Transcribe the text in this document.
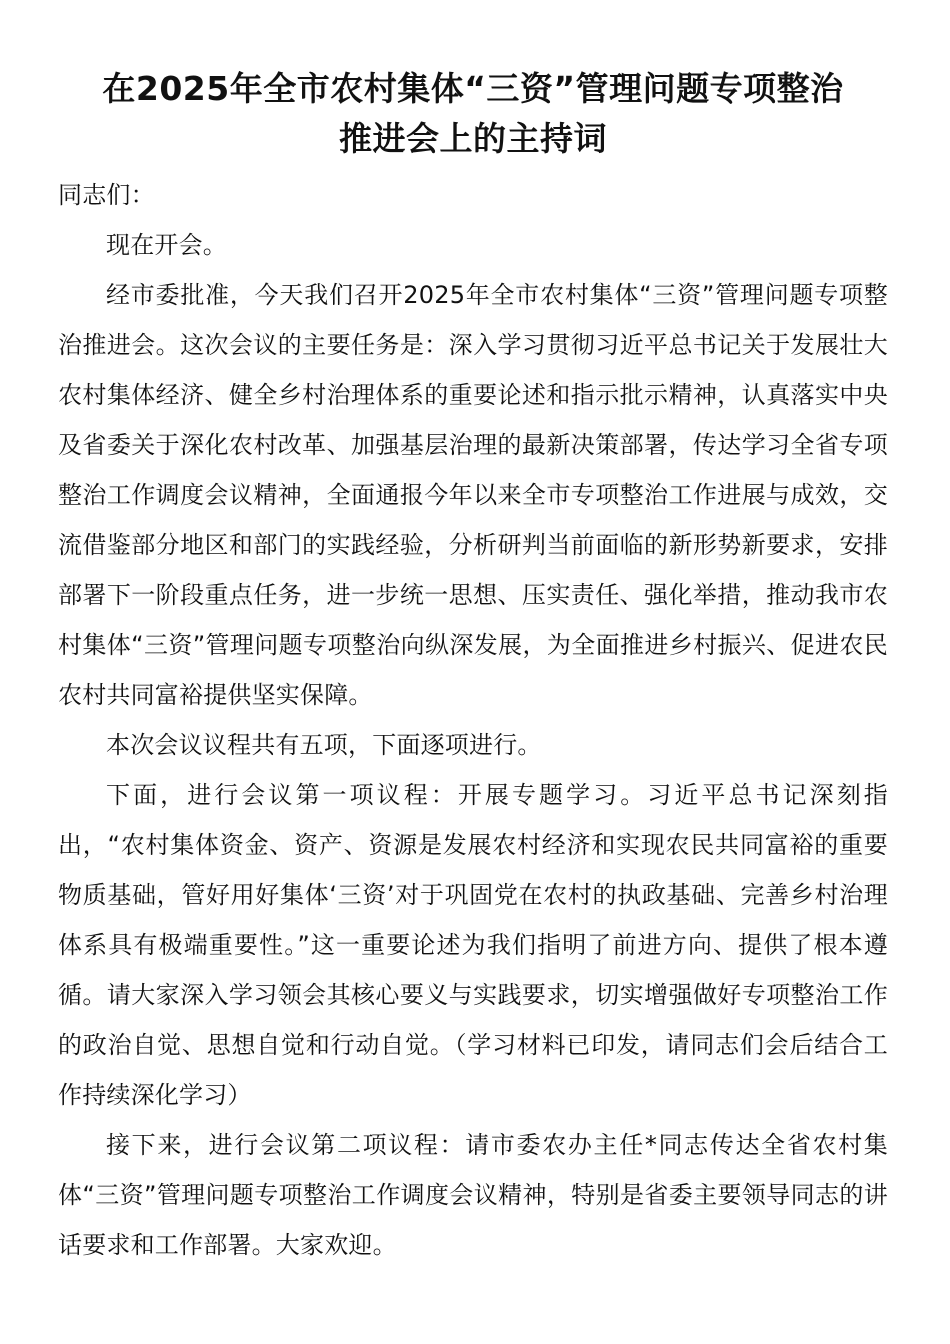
在2025年全市农村集体“三资”管理问题专项整治
推进会上的主持词

同志们：

现在开会。

经市委批准，今天我们召开2025年全市农村集体“三资”管理问题专项整治推进会。这次会议的主要任务是：深入学习贯彻习近平总书记关于发展壮大农村集体经济、健全乡村治理体系的重要论述和指示批示精神，认真落实中央及省委关于深化农村改革、加强基层治理的最新决策部署，传达学习全省专项整治工作调度会议精神，全面通报今年以来全市专项整治工作进展与成效，交流借鉴部分地区和部门的实践经验，分析研判当前面临的新形势新要求，安排部署下一阶段重点任务，进一步统一思想、压实责任、强化举措，推动我市农村集体“三资”管理问题专项整治向纵深发展，为全面推进乡村振兴、促进农民农村共同富裕提供坚实保障。

本次会议议程共有五项，下面逐项进行。

下面，进行会议第一项议程：开展专题学习。习近平总书记深刻指出，“农村集体资金、资产、资源是发展农村经济和实现农民共同富裕的重要物质基础，管好用好集体‘三资’对于巩固党在农村的执政基础、完善乡村治理体系具有极端重要性。”这一重要论述为我们指明了前进方向、提供了根本遵循。请大家深入学习领会其核心要义与实践要求，切实增强做好专项整治工作的政治自觉、思想自觉和行动自觉。（学习材料已印发，请同志们会后结合工作持续深化学习）

接下来，进行会议第二项议程：请市委农办主任*同志传达全省农村集体“三资”管理问题专项整治工作调度会议精神，特别是省委主要领导同志的讲话要求和工作部署。大家欢迎。
